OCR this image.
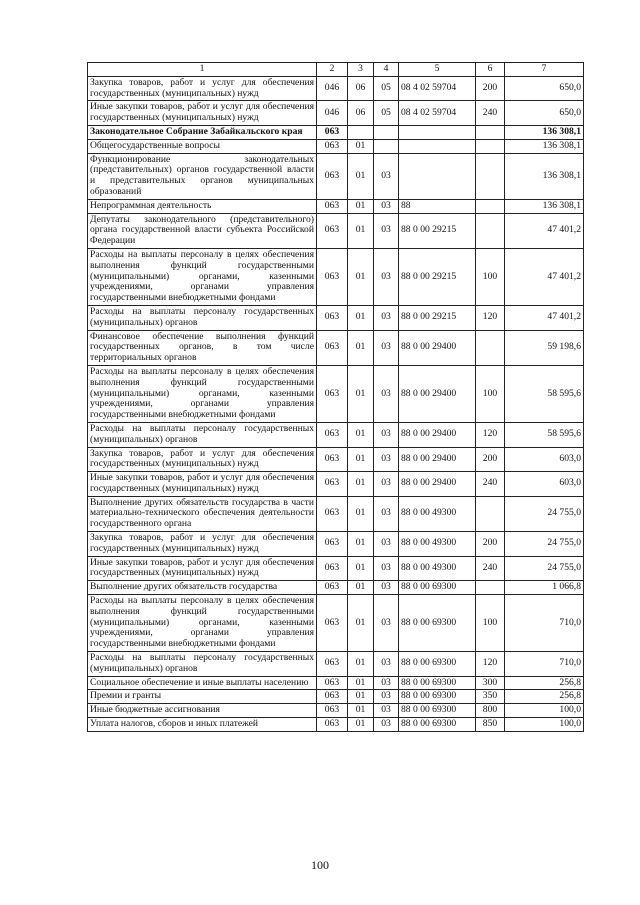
1	2	3	4	5	6	7
Закупка товаров, работ и услуг для обеспечения государственных (муниципальных) нужд	046	06	05	08 4 02 59704	200	650,0
Иные закупки товаров, работ и услуг для обеспечения государственных (муниципальных) нужд	046	06	05	08 4 02 59704	240	650,0
Законодательное Собрание Забайкальского края	063					136 308,1
Общегосударственные вопросы	063	01				136 308,1
Функционирование законодательных (представительных) органов государственной власти и представительных органов муниципальных образований	063	01	03			136 308,1
Непрограммная деятельность	063	01	03	88		136 308,1
Депутаты законодательного (представительного) органа государственной власти субъекта Российской Федерации	063	01	03	88 0 00 29215		47 401,2
Расходы на выплаты персоналу в целях обеспечения выполнения функций государственными (муниципальными) органами, казенными учреждениями, органами управления государственными внебюджетными фондами	063	01	03	88 0 00 29215	100	47 401,2
Расходы на выплаты персоналу государственных (муниципальных) органов	063	01	03	88 0 00 29215	120	47 401,2
Финансовое обеспечение выполнения функций государственных органов, в том числе территориальных органов	063	01	03	88 0 00 29400		59 198,6
Расходы на выплаты персоналу в целях обеспечения выполнения функций государственными (муниципальными) органами, казенными учреждениями, органами управления государственными внебюджетными фондами	063	01	03	88 0 00 29400	100	58 595,6
Расходы на выплаты персоналу государственных (муниципальных) органов	063	01	03	88 0 00 29400	120	58 595,6
Закупка товаров, работ и услуг для обеспечения государственных (муниципальных) нужд	063	01	03	88 0 00 29400	200	603,0
Иные закупки товаров, работ и услуг для обеспечения государственных (муниципальных) нужд	063	01	03	88 0 00 29400	240	603,0
Выполнение других обязательств государства в части материально-технического обеспечения деятельности государственного органа	063	01	03	88 0 00 49300		24 755,0
Закупка товаров, работ и услуг для обеспечения государственных (муниципальных) нужд	063	01	03	88 0 00 49300	200	24 755,0
Иные закупки товаров, работ и услуг для обеспечения государственных (муниципальных) нужд	063	01	03	88 0 00 49300	240	24 755,0
Выполнение других обязательств государства	063	01	03	88 0 00 69300		1 066,8
Расходы на выплаты персоналу в целях обеспечения выполнения функций государственными (муниципальными) органами, казенными учреждениями, органами управления государственными внебюджетными фондами	063	01	03	88 0 00 69300	100	710,0
Расходы на выплаты персоналу государственных (муниципальных) органов	063	01	03	88 0 00 69300	120	710,0
Социальное обеспечение и иные выплаты населению	063	01	03	88 0 00 69300	300	256,8
Премии и гранты	063	01	03	88 0 00 69300	350	256,8
Иные бюджетные ассигнования	063	01	03	88 0 00 69300	800	100,0
Уплата налогов, сборов и иных платежей	063	01	03	88 0 00 69300	850	100,0
100
